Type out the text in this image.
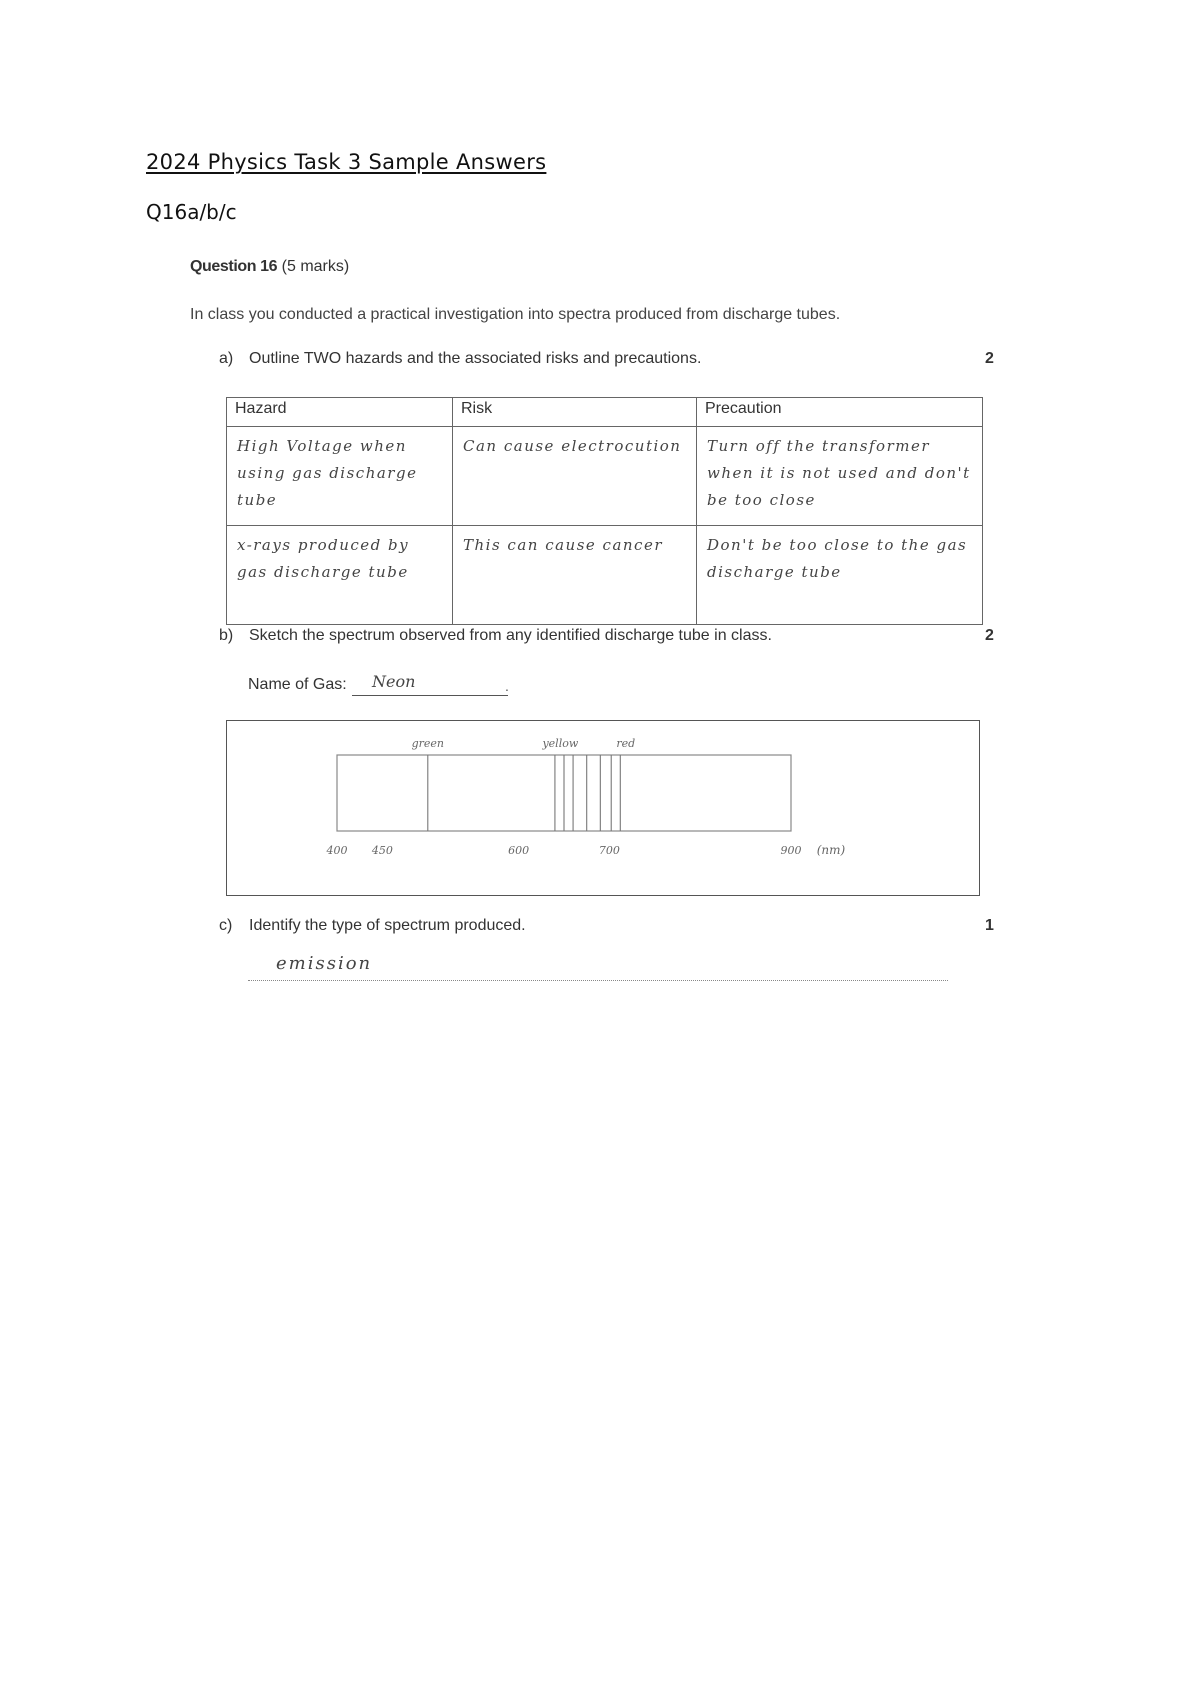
2024 Physics Task 3 Sample Answers
Q16a/b/c
Question 16 (5 marks)
In class you conducted a practical investigation into spectra produced from discharge tubes.
a) Outline TWO hazards and the associated risks and precautions.	2
Hazard	Risk	Precaution
High Voltage when using gas discharge tube	Can cause electrocution	Turn off the transformer when it is not used and don't be too close
x-rays produced by gas discharge tube	This can cause cancer	Don't be too close to the gas discharge tube
b) Sketch the spectrum observed from any identified discharge tube in class.	2
Name of Gas: Neon	.
green	yellow	red
400 450	600	700	900 (nm)
c) Identify the type of spectrum produced.	1
emission
